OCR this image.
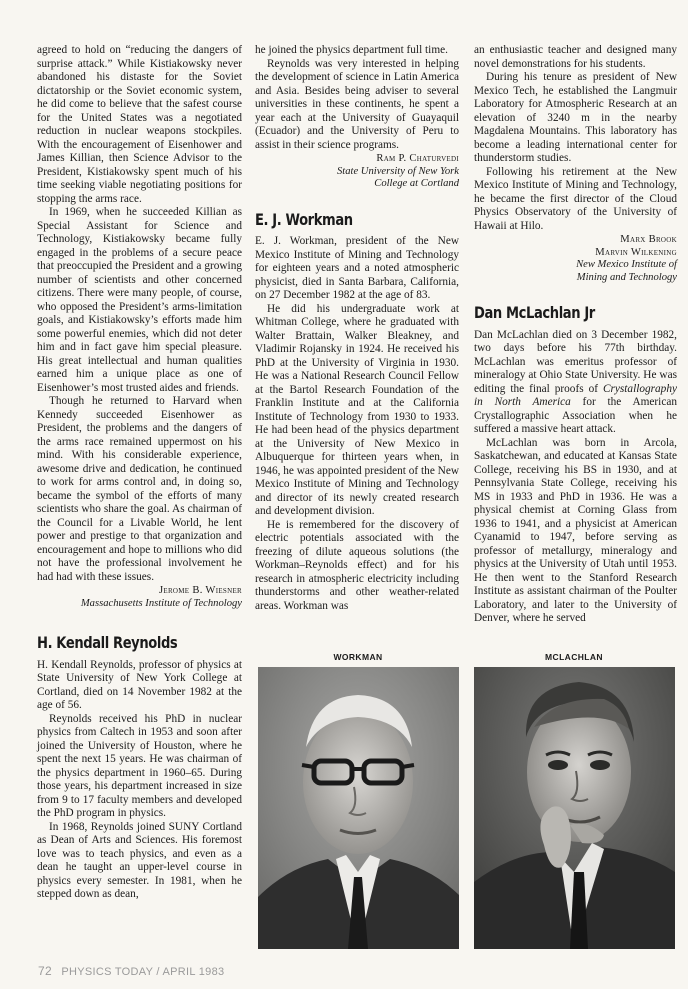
agreed to hold on “reducing the dangers of surprise attack.” While Kistiakowsky never abandoned his distaste for the Soviet dictatorship or the Soviet economic system, he did come to believe that the safest course for the United States was a negotiated reduction in nuclear weapons stockpiles. With the encouragement of Eisenhower and James Killian, then Science Advisor to the President, Kistiakowsky spent much of his time seeking viable negotiating positions for stopping the arms race.

In 1969, when he succeeded Killian as Special Assistant for Science and Technology, Kistiakowsky became fully engaged in the problems of a secure peace that preoccupied the President and a growing number of scientists and other concerned citizens. There were many people, of course, who opposed the President’s arms-limitation goals, and Kistiakowsky’s efforts made him some powerful enemies, which did not deter him and in fact gave him special pleasure. His great intellectual and human qualities earned him a unique place as one of Eisenhower’s most trusted aides and friends.

Though he returned to Harvard when Kennedy succeeded Eisenhower as President, the problems and the dangers of the arms race remained uppermost on his mind. With his considerable experience, awesome drive and dedication, he continued to work for arms control and, in doing so, became the symbol of the efforts of many scientists who share the goal. As chairman of the Council for a Livable World, he lent power and prestige to that organization and encouragement and hope to millions who did not have the professional involvement he had had with these issues.

Jerome B. Wiesner
Massachusetts Institute of Technology
H. Kendall Reynolds

H. Kendall Reynolds, professor of physics at State University of New York College at Cortland, died on 14 November 1982 at the age of 56.

Reynolds received his PhD in nuclear physics from Caltech in 1953 and soon after joined the University of Houston, where he spent the next 15 years. He was chairman of the physics department in 1960–65. During those years, his department increased in size from 9 to 17 faculty members and developed the PhD program in physics.

In 1968, Reynolds joined SUNY Cortland as Dean of Arts and Sciences. His foremost love was to teach physics, and even as a dean he taught an upper-level course in physics every semester. In 1981, when he stepped down as dean,

he joined the physics department full time.

Reynolds was very interested in helping the development of science in Latin America and Asia. Besides being adviser to several universities in these continents, he spent a year each at the University of Guayaquil (Ecuador) and the University of Peru to assist in their science programs.

Ram P. Chaturvedi
State University of New York
College at Cortland
E. J. Workman

E. J. Workman, president of the New Mexico Institute of Mining and Technology for eighteen years and a noted atmospheric physicist, died in Santa Barbara, California, on 27 December 1982 at the age of 83.

He did his undergraduate work at Whitman College, where he graduated with Walter Brattain, Walker Bleakney, and Vladimir Rojansky in 1924. He received his PhD at the University of Virginia in 1930. He was a National Research Council Fellow at the Bartol Research Foundation of the Franklin Institute and at the California Institute of Technology from 1930 to 1933. He had been head of the physics department at the University of New Mexico in Albuquerque for thirteen years when, in 1946, he was appointed president of the New Mexico Institute of Mining and Technology and director of its newly created research and development division.

He is remembered for the discovery of electric potentials associated with the freezing of dilute aqueous solutions (the Workman–Reynolds effect) and for his research in atmospheric electricity including thunderstorms and other weather-related areas. Workman was

an enthusiastic teacher and designed many novel demonstrations for his students.

During his tenure as president of New Mexico Tech, he established the Langmuir Laboratory for Atmospheric Research at an elevation of 3240 m in the nearby Magdalena Mountains. This laboratory has become a leading international center for thunderstorm studies.

Following his retirement at the New Mexico Institute of Mining and Technology, he became the first director of the Cloud Physics Observatory of the University of Hawaii at Hilo.

Marx Brook
Marvin Wilkening
New Mexico Institute of
Mining and Technology
Dan McLachlan Jr

Dan McLachlan died on 3 December 1982, two days before his 77th birthday. McLachlan was emeritus professor of mineralogy at Ohio State University. He was editing the final proofs of Crystallography in North America for the American Crystallographic Association when he suffered a massive heart attack.

McLachlan was born in Arcola, Saskatchewan, and educated at Kansas State College, receiving his BS in 1930, and at Pennsylvania State College, receiving his MS in 1933 and PhD in 1936. He was a physical chemist at Corning Glass from 1936 to 1941, and a physicist at American Cyanamid to 1947, before serving as professor of metallurgy, mineralogy and physics at the University of Utah until 1953. He then went to the Stanford Research Institute as assistant chairman of the Poulter Laboratory, and later to the University of Denver, where he served

WORKMAN	MCLACHLAN
72 PHYSICS TODAY / APRIL 1983
